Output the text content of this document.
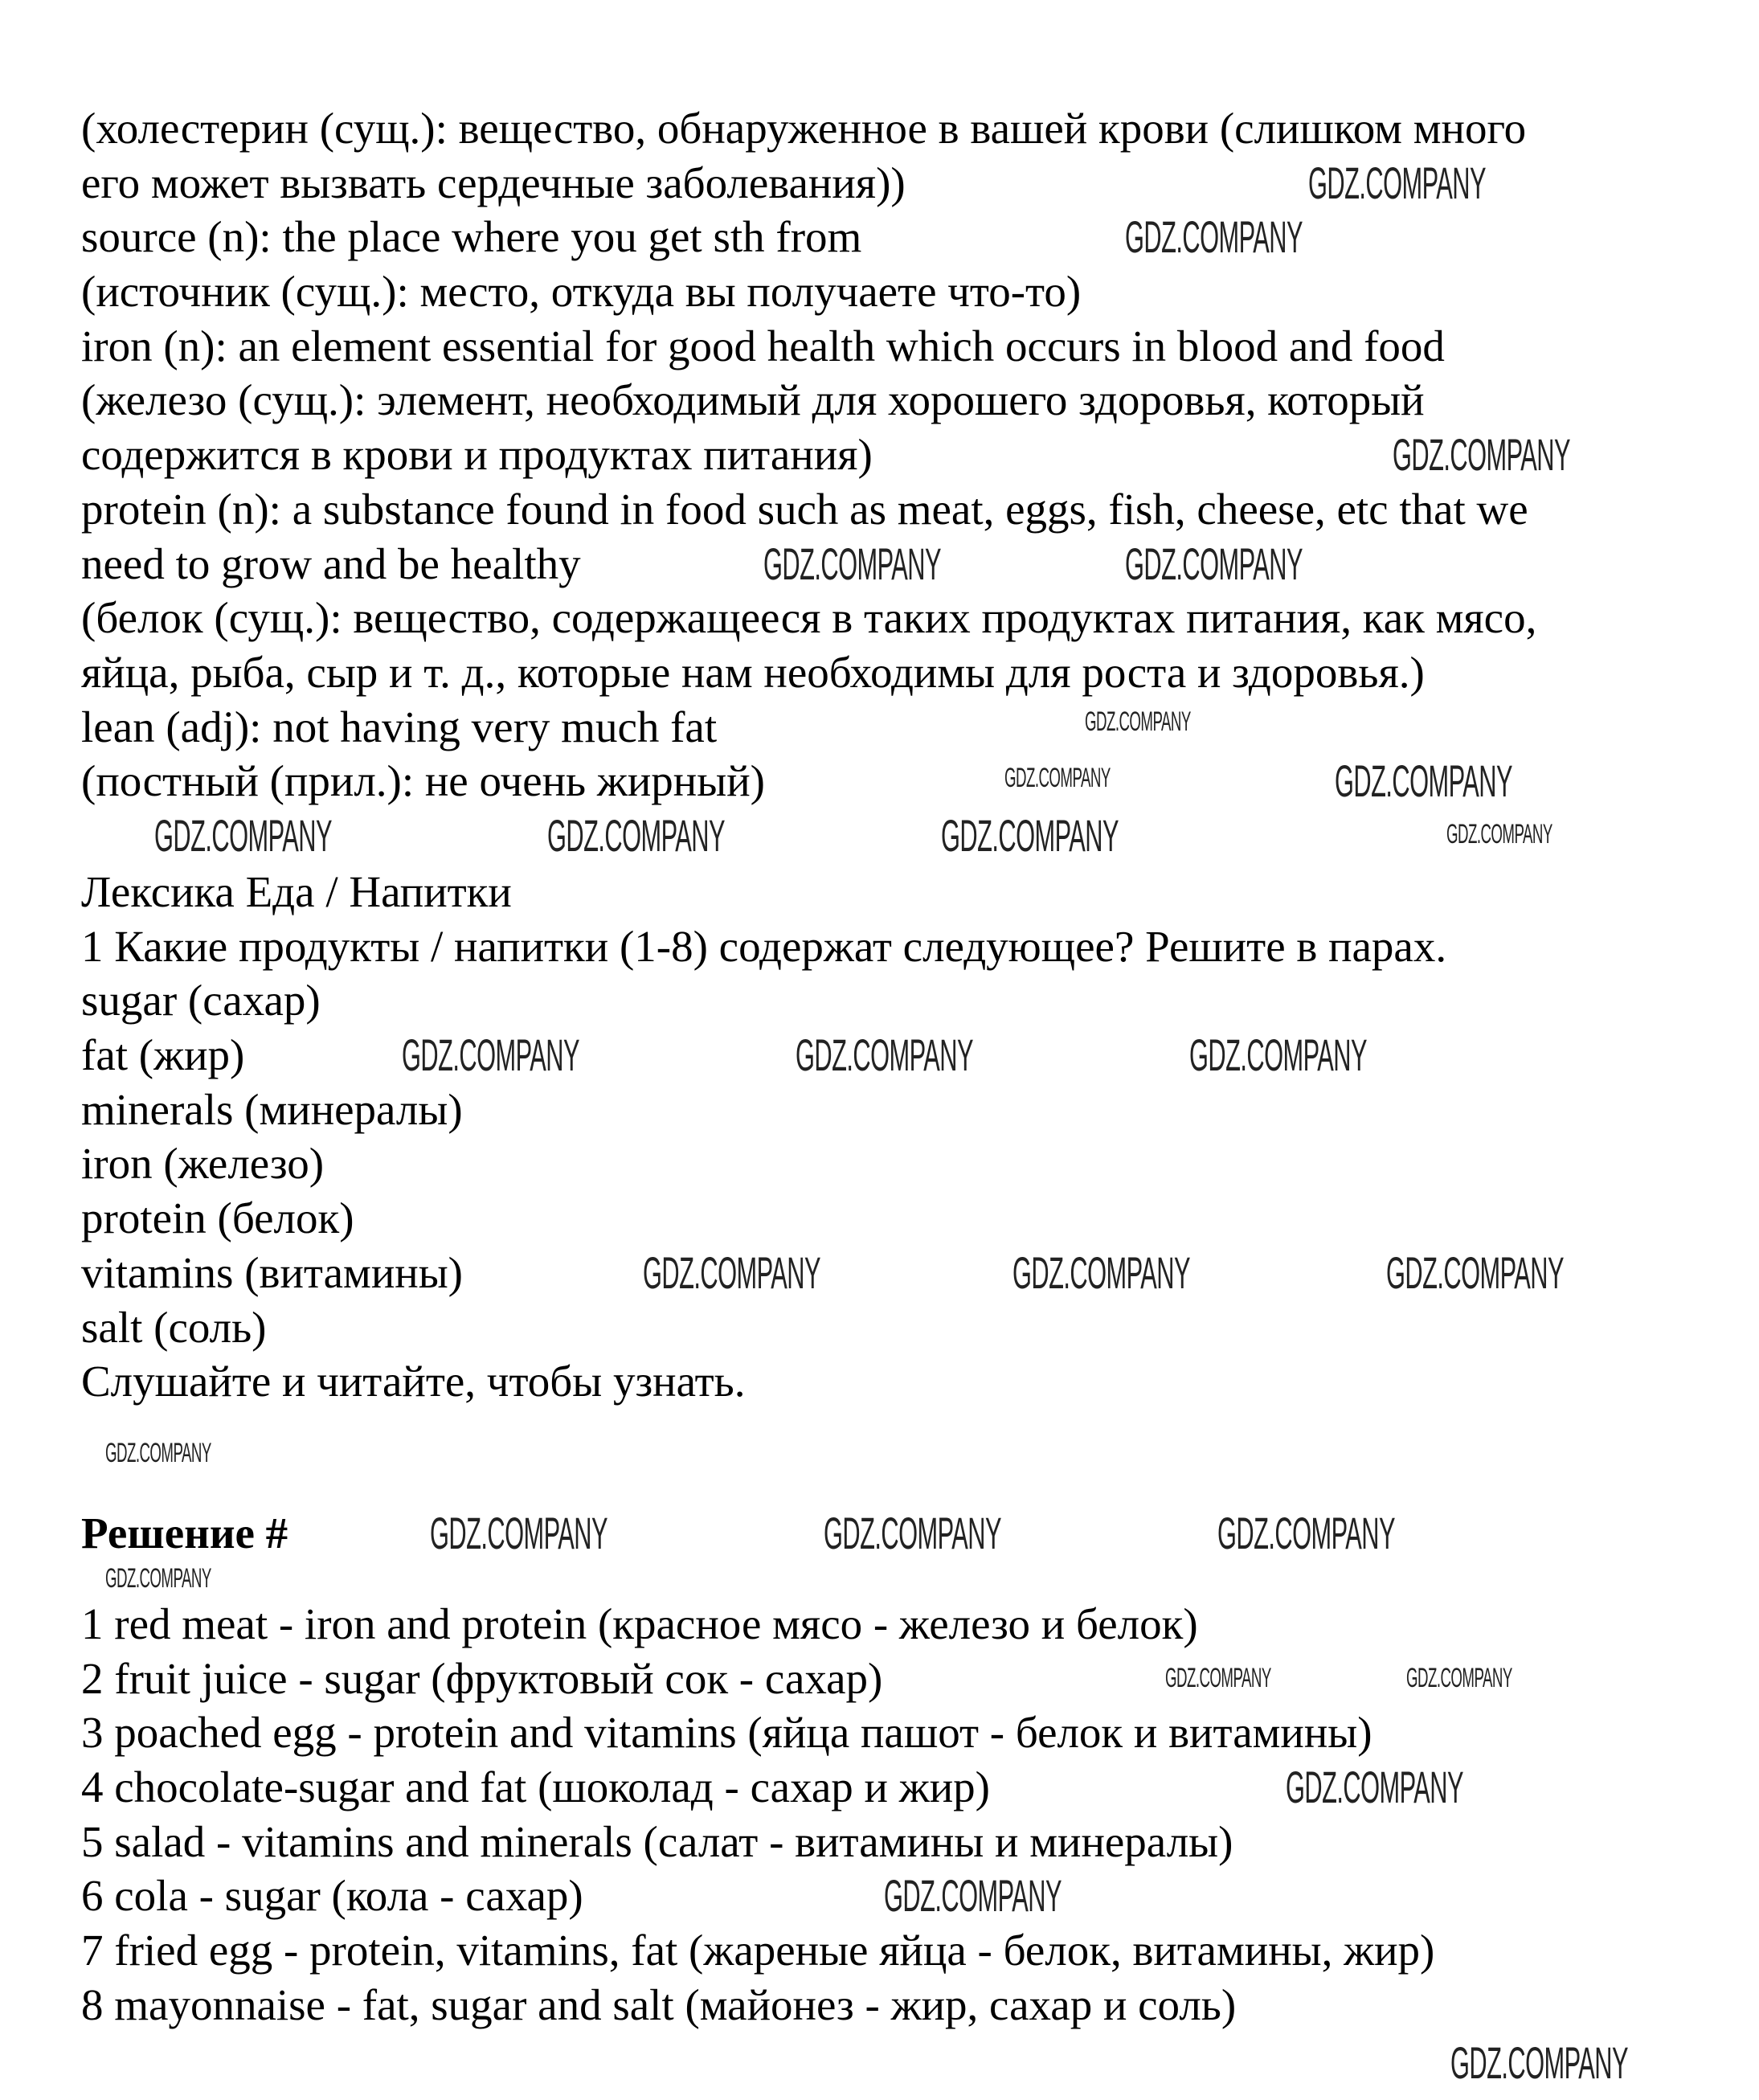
(холестерин (сущ.): вещество, обнаруженное в вашей крови (слишком много
его может вызвать сердечные заболевания))
source (n): the place where you get sth from
(источник (сущ.): место, откуда вы получаете что-то)
iron (n): an element essential for good health which occurs in blood and food
(железо (сущ.): элемент, необходимый для хорошего здоровья, который
содержится в крови и продуктах питания)
protein (n): a substance found in food such as meat, eggs, fish, cheese, etc that we
need to grow and be healthy
(белок (сущ.): вещество, содержащееся в таких продуктах питания, как мясо,
яйца, рыба, сыр и т. д., которые нам необходимы для роста и здоровья.)
lean (adj): not having very much fat
(постный (прил.): не очень жирный)
Лексика Еда / Напитки
1 Какие продукты / напитки (1-8) содержат следующее? Решите в парах.
sugar (сахар)
fat (жир)
minerals (минералы)
iron (железо)
protein (белок)
vitamins (витамины)
salt (соль)
Слушайте и читайте, чтобы узнать.
Решение #
1 red meat - iron and protein (красное мясо - железо и белок)
2 fruit juice - sugar (фруктовый сок - сахар)
3 poached egg - protein and vitamins (яйца пашот - белок и витамины)
4 chocolate-sugar and fat (шоколад - сахар и жир)
5 salad - vitamins and minerals (салат - витамины и минералы)
6 cola - sugar (кола - сахар)
7 fried egg - protein, vitamins, fat (жареные яйца - белок, витамины, жир)
8 mayonnaise - fat, sugar and salt (майонез - жир, сахар и соль)
GDZ.COMPANY
GDZ.COMPANY
GDZ.COMPANY
GDZ.COMPANY	GDZ.COMPANY
GDZ.COMPANY
GDZ.COMPANY	GDZ.COMPANY	GDZ.COMPANY
GDZ.COMPANY	GDZ.COMPANY	GDZ.COMPANY
GDZ.COMPANY	GDZ.COMPANY	GDZ.COMPANY
GDZ.COMPANY	GDZ.COMPANY	GDZ.COMPANY
GDZ.COMPANY
GDZ.COMPANY
GDZ.COMPANY
GDZ.COMPANY
GDZ.COMPANY
GDZ.COMPANY
GDZ.COMPANY
GDZ.COMPANY
GDZ.COMPANY	GDZ.COMPANY
